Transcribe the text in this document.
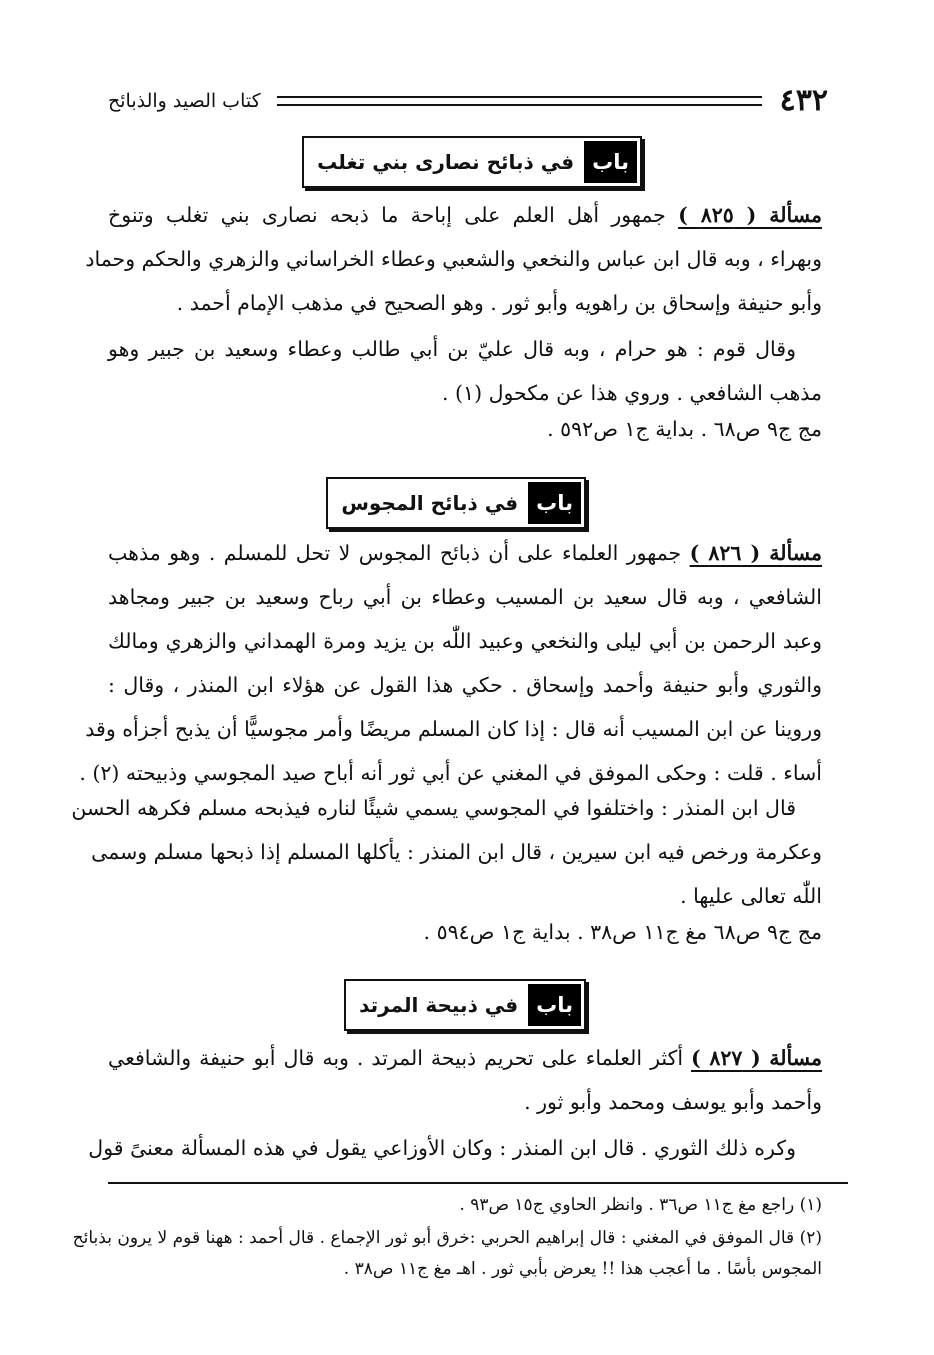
٤٣٢
كتاب الصيد والذبائح
باب
في ذبائح نصارى بني تغلب
مسألة ( ٨٢٥ ) جمهور أهل العلم على إباحة ما ذبحه نصارى بني تغلب وتنوخ
وبهراء ، وبه قال ابن عباس والنخعي والشعبي وعطاء الخراساني والزهري والحكم وحماد
وأبو حنيفة وإسحاق بن راهويه وأبو ثور . وهو الصحيح في مذهب الإمام أحمد .
وقال قوم : هو حرام ، وبه قال عليّ بن أبي طالب وعطاء وسعيد بن جبير وهو
مذهب الشافعي . وروي هذا عن مكحول (١) .
مج ج٩ ص٦٨ . بداية ج١ ص٥٩٢ .
باب
في ذبائح المجوس
مسألة ( ٨٢٦ ) جمهور العلماء على أن ذبائح المجوس لا تحل للمسلم . وهو مذهب
الشافعي ، وبه قال سعيد بن المسيب وعطاء بن أبي رباح وسعيد بن جبير ومجاهد
وعبد الرحمن بن أبي ليلى والنخعي وعبيد اللّٰه بن يزيد ومرة الهمداني والزهري ومالك
والثوري وأبو حنيفة وأحمد وإسحاق . حكي هذا القول عن هؤلاء ابن المنذر ، وقال :
وروينا عن ابن المسيب أنه قال : إذا كان المسلم مريضًا وأمر مجوسيًّا أن يذبح أجزأه وقد
أساء . قلت : وحكى الموفق في المغني عن أبي ثور أنه أباح صيد المجوسي وذبيحته (٢) .
قال ابن المنذر : واختلفوا في المجوسي يسمي شيئًا لناره فيذبحه مسلم فكرهه الحسن
وعكرمة ورخص فيه ابن سيرين ، قال ابن المنذر : يأكلها المسلم إذا ذبحها مسلم وسمى
اللّٰه تعالى عليها .
مج ج٩ ص٦٨ مغ ج١١ ص٣٨ . بداية ج١ ص٥٩٤ .
باب
في ذبيحة المرتد
مسألة ( ٨٢٧ ) أكثر العلماء على تحريم ذبيحة المرتد . وبه قال أبو حنيفة والشافعي
وأحمد وأبو يوسف ومحمد وأبو ثور .
وكره ذلك الثوري . قال ابن المنذر : وكان الأوزاعي يقول في هذه المسألة معنىً قول
(١) راجع مغ ج١١ ص٣٦ . وانظر الحاوي ج١٥ ص٩٣ .
(٢) قال الموفق في المغني : قال إبراهيم الحربي :خرق أبو ثور الإجماع . قال أحمد : ههنا قوم لا يرون بذبائح
المجوس بأسًا . ما أعجب هذا !! يعرض بأبي ثور . اهـ مغ ج١١ ص٣٨ .
